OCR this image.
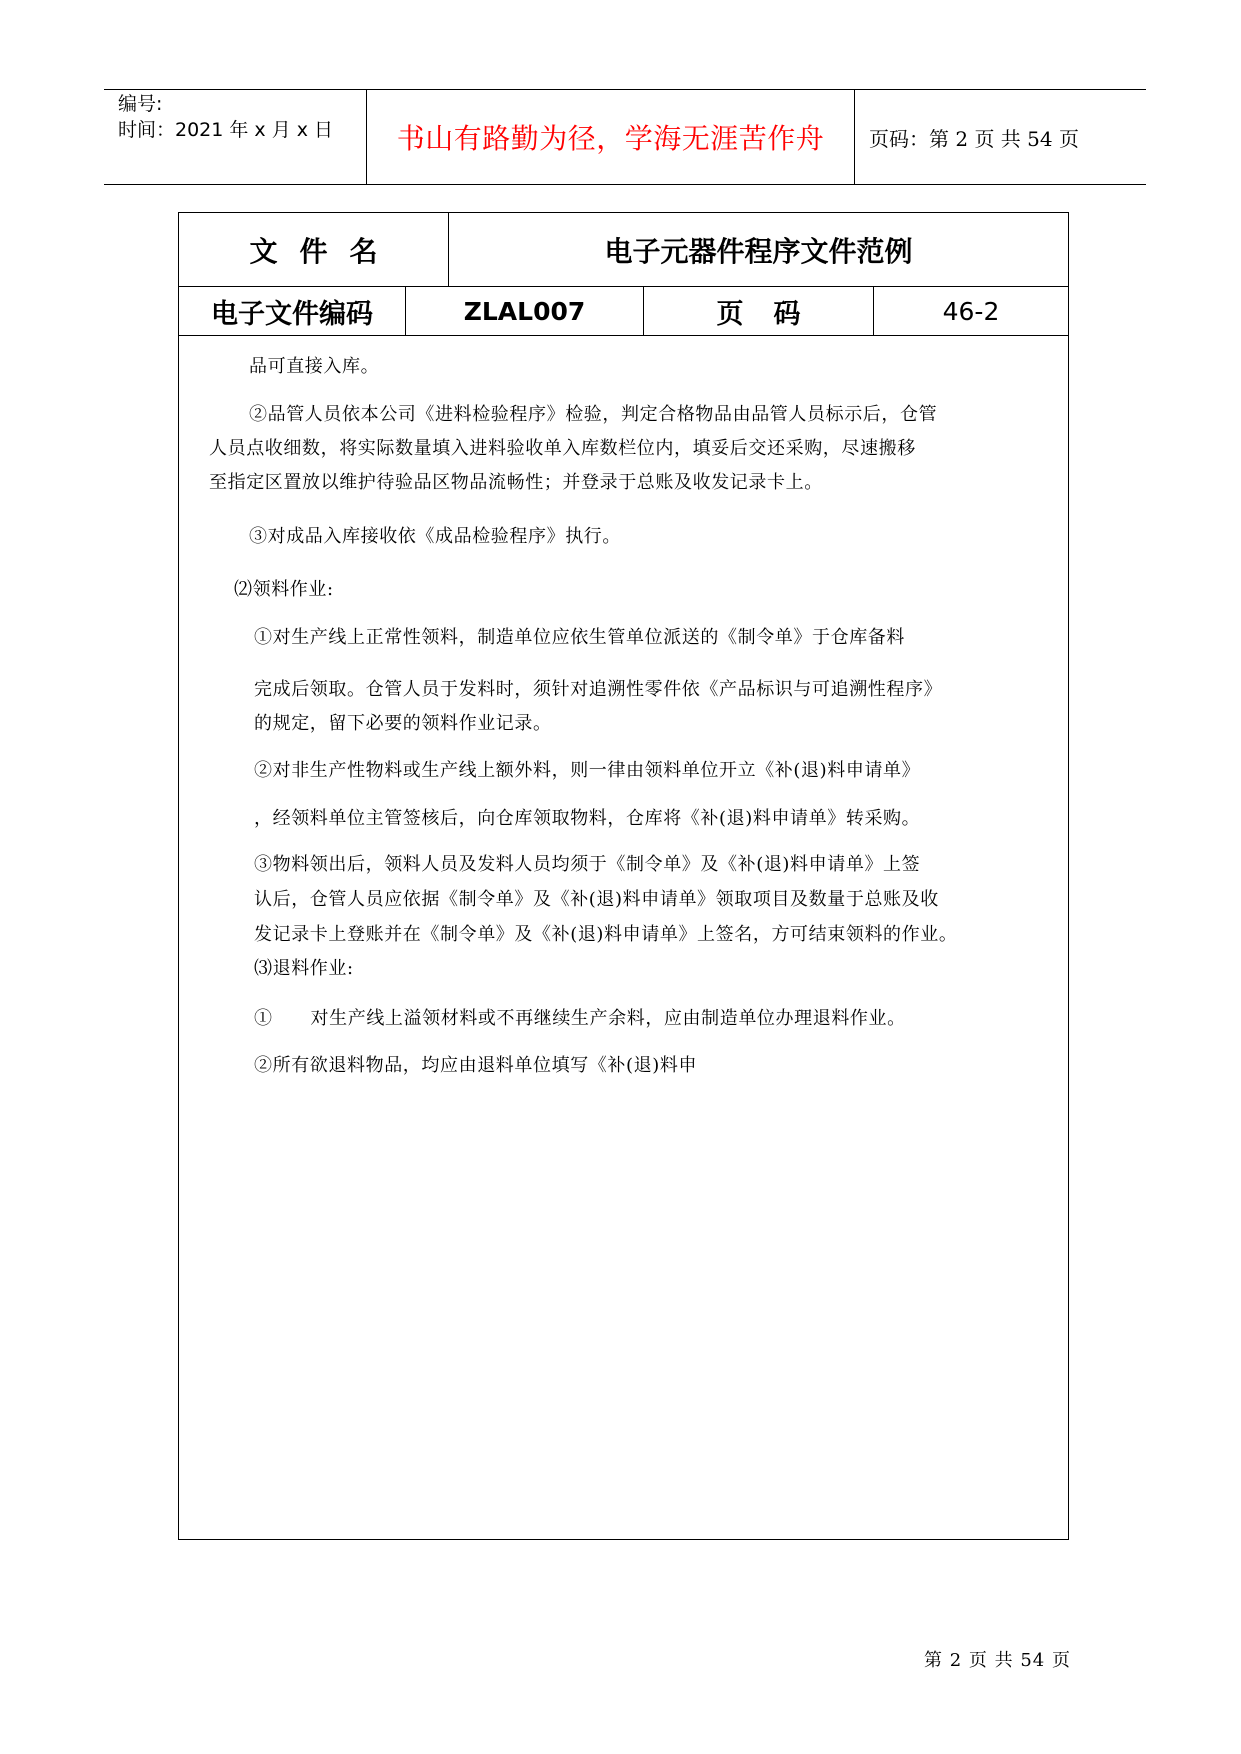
编号:
时间：2021 年 x 月 x 日 书山有路勤为径，学海无涯苦作舟 页码：第 2 页 共 54 页
文件名	电子元器件程序文件范例
电子文件编码	ZLAL007	页码	46-2
品可直接入库。
②品管人员依本公司《进料检验程序》检验，判定合格物品由品管人员标示后，仓管
人员点收细数，将实际数量填入进料验收单入库数栏位内，填妥后交还采购，尽速搬移
至指定区置放以维护待验品区物品流畅性；并登录于总账及收发记录卡上。
③对成品入库接收依《成品检验程序》执行。
⑵领料作业:
①对生产线上正常性领料，制造单位应依生管单位派送的《制令单》于仓库备料
完成后领取。仓管人员于发料时，须针对追溯性零件依《产品标识与可追溯性程序》
的规定，留下必要的领料作业记录。
②对非生产性物料或生产线上额外料，则一律由领料单位开立《补(退)料申请单》
，经领料单位主管签核后，向仓库领取物料，仓库将《补(退)料申请单》转采购。
③物料领出后，领料人员及发料人员均须于《制令单》及《补(退)料申请单》上签
认后，仓管人员应依据《制令单》及《补(退)料申请单》领取项目及数量于总账及收
发记录卡上登账并在《制令单》及《补(退)料申请单》上签名，方可结束领料的作业。
⑶退料作业:
①      对生产线上溢领材料或不再继续生产余料，应由制造单位办理退料作业。
②所有欲退料物品，均应由退料单位填写《补(退)料申
第 2 页 共 54 页
